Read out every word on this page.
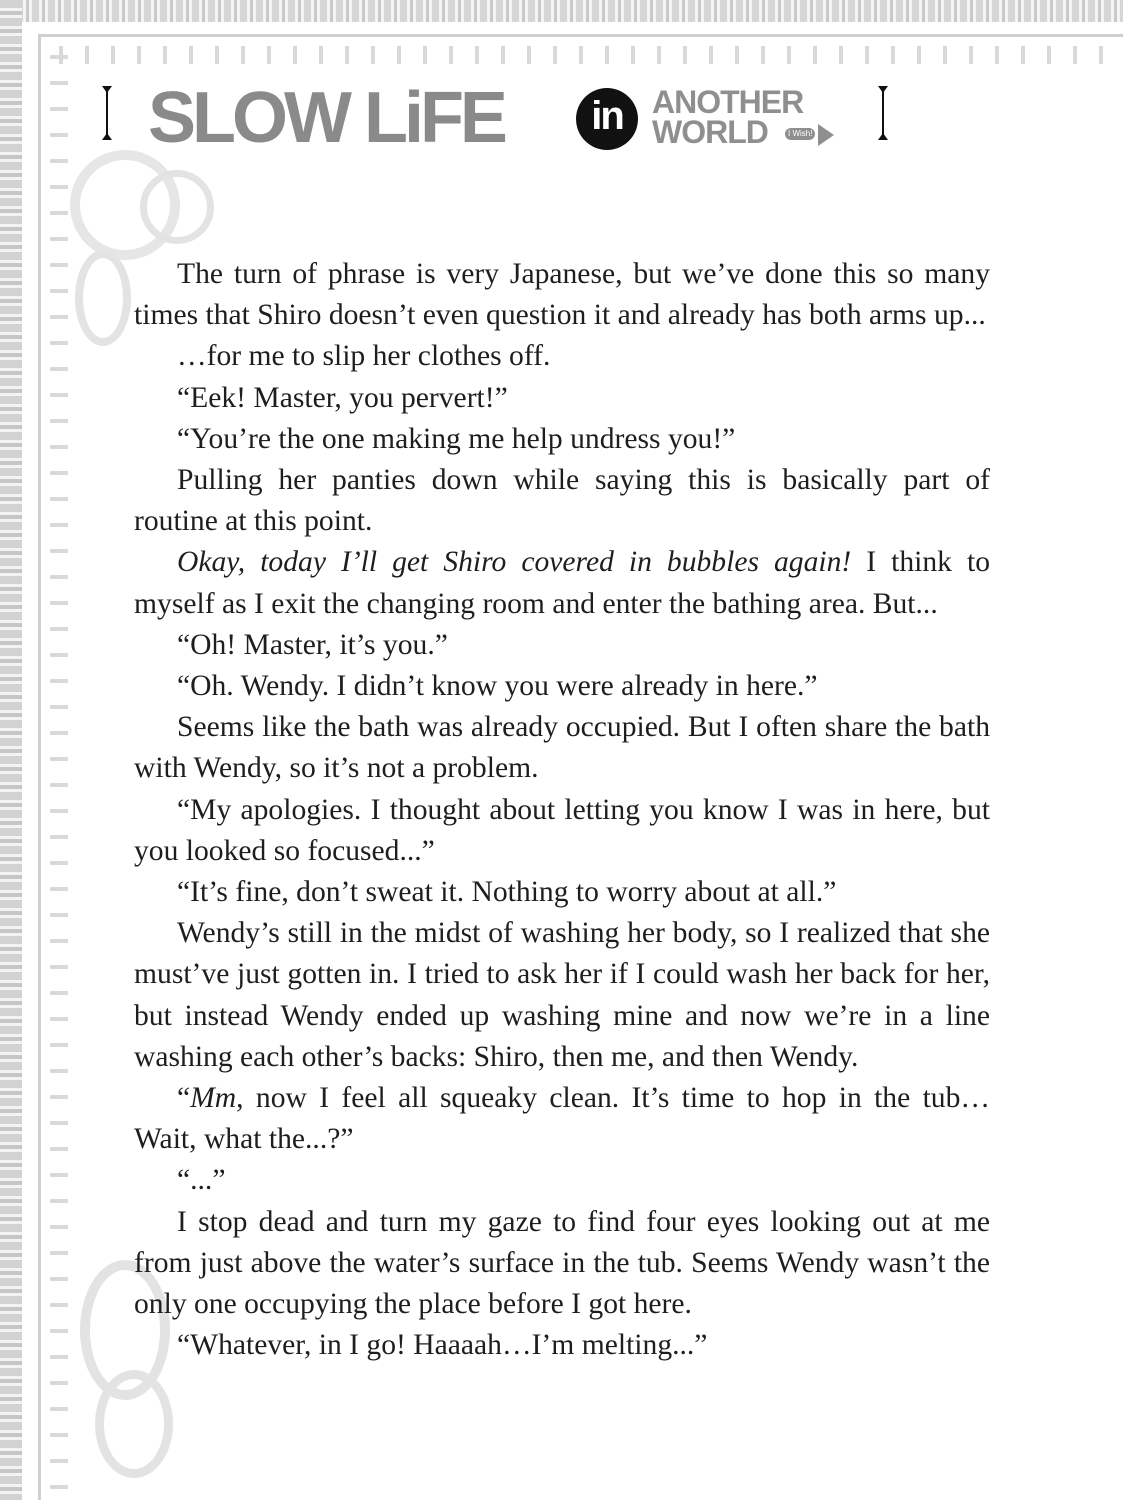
SLOW LiFE	in ANOTHER
WORLD	I Wish!

The turn of phrase is very Japanese, but we’ve done this so many times that Shiro doesn’t even question it and already has both arms up...

…for me to slip her clothes off.

“Eek! Master, you pervert!”

“You’re the one making me help undress you!”

Pulling her panties down while saying this is basically part of routine at this point.

Okay, today I’ll get Shiro covered in bubbles again! I think to myself as I exit the changing room and enter the bathing area. But...

“Oh! Master, it’s you.”

“Oh. Wendy. I didn’t know you were already in here.”

Seems like the bath was already occupied. But I often share the bath with Wendy, so it’s not a problem.

“My apologies. I thought about letting you know I was in here, but you looked so focused...”

“It’s fine, don’t sweat it. Nothing to worry about at all.”

Wendy’s still in the midst of washing her body, so I realized that she must’ve just gotten in. I tried to ask her if I could wash her back for her, but instead Wendy ended up washing mine and now we’re in a line washing each other’s backs: Shiro, then me, and then Wendy.

“Mm, now I feel all squeaky clean. It’s time to hop in the tub… Wait, what the...?”

“...”

I stop dead and turn my gaze to find four eyes looking out at me from just above the water’s surface in the tub. Seems Wendy wasn’t the only one occupying the place before I got here.

“Whatever, in I go! Haaaah…I’m melting...”
